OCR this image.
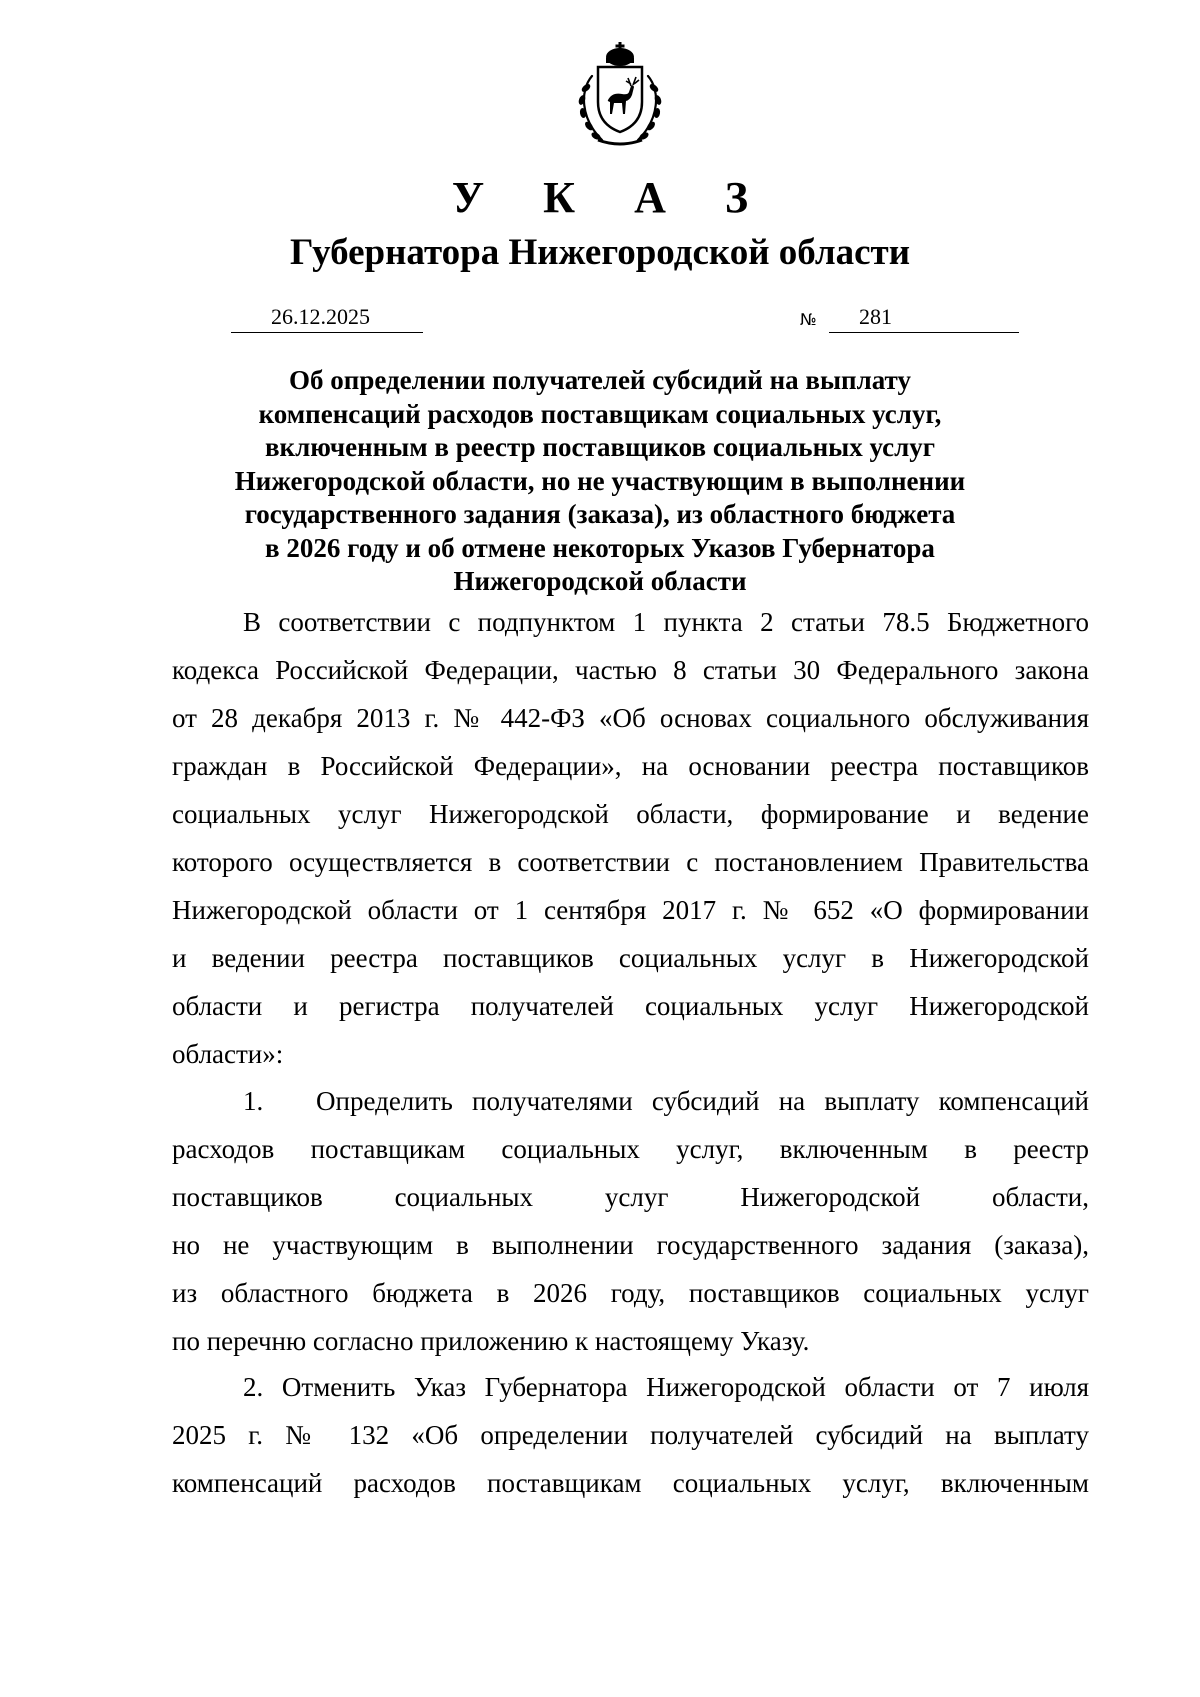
У К А З
Губернатора Нижегородской области
26.12.2025	№ 281
Об определении получателей субсидий на выплату
компенсаций расходов поставщикам социальных услуг,
включенным в реестр поставщиков социальных услуг
Нижегородской области, но не участвующим в выполнении
государственного задания (заказа), из областного бюджета
в 2026 году и об отмене некоторых Указов Губернатора
Нижегородской области
В соответствии с подпунктом 1 пункта 2 статьи 78.5 Бюджетного
кодекса Российской Федерации, частью 8 статьи 30 Федерального закона
от 28 декабря 2013 г. № 442-ФЗ «Об основах социального обслуживания
граждан в Российской Федерации», на основании реестра поставщиков
социальных услуг Нижегородской области, формирование и ведение
которого осуществляется в соответствии с постановлением Правительства
Нижегородской области от 1 сентября 2017 г. № 652 «О формировании
и ведении реестра поставщиков социальных услуг в Нижегородской
области и регистра получателей социальных услуг Нижегородской
области»:
1.	Определить получателями субсидий на выплату компенсаций
расходов поставщикам социальных услуг, включенным в реестр
поставщиков социальных услуг Нижегородской области,
но не участвующим в выполнении государственного задания (заказа),
из областного бюджета в 2026 году, поставщиков социальных услуг
по перечню согласно приложению к настоящему Указу.
2. Отменить Указ Губернатора Нижегородской области от 7 июля
2025 г. № 132 «Об определении получателей субсидий на выплату
компенсаций расходов поставщикам социальных услуг, включенным
